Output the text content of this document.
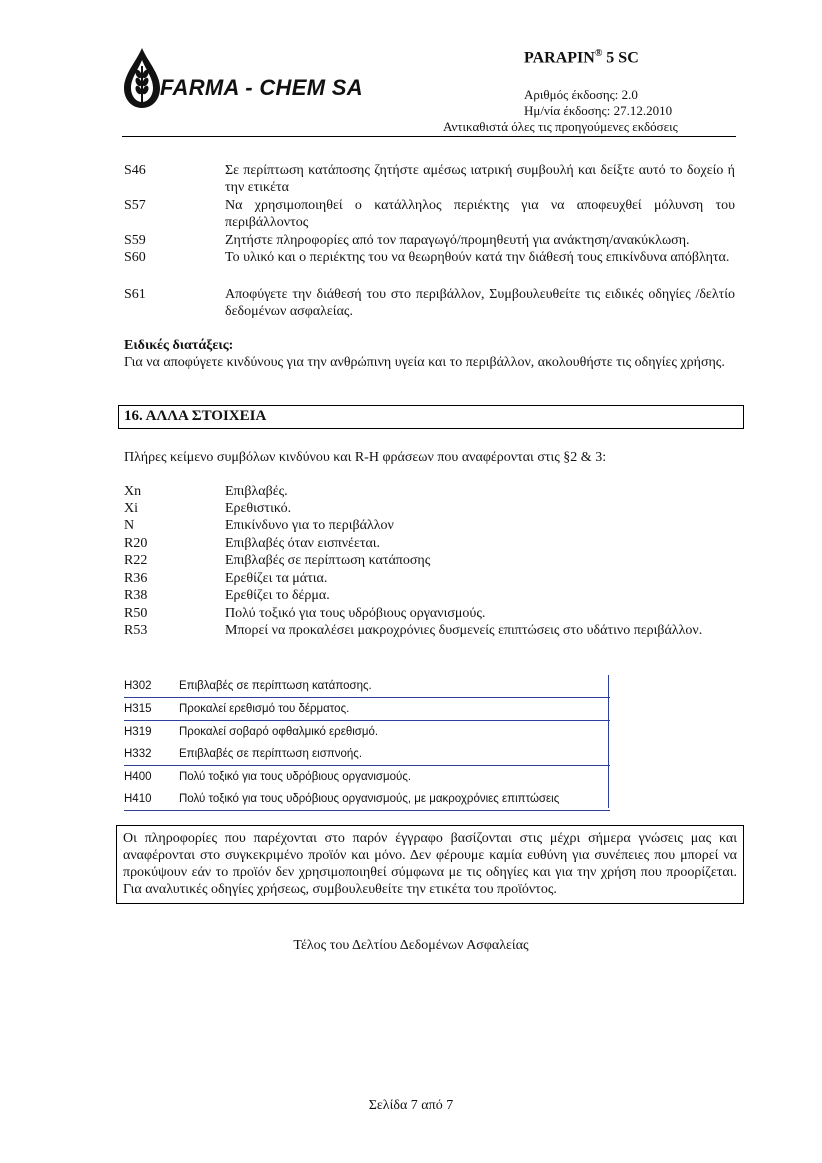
FARMA - CHEM SA
PARAPIN® 5 SC
Αριθμός έκδοσης: 2.0
Ημ/νία έκδοσης: 27.12.2010
Αντικαθιστά όλες τις προηγούμενες εκδόσεις
S46	Σε περίπτωση κατάποσης ζητήστε αμέσως ιατρική συμβουλή και δείξτε αυτό το δοχείο ή την ετικέτα
S57	Να χρησιμοποιηθεί ο κατάλληλος περιέκτης για να αποφευχθεί μόλυνση του περιβάλλοντος
S59	Ζητήστε πληροφορίες από τον παραγωγό/προμηθευτή για ανάκτηση/ανακύκλωση.
S60	Το υλικό και ο περιέκτης του να θεωρηθούν κατά την διάθεσή τους επικίνδυνα απόβλητα.
S61	Αποφύγετε την διάθεσή του στο περιβάλλον, Συμβουλευθείτε τις ειδικές οδηγίες /δελτίο δεδομένων ασφαλείας.
Ειδικές διατάξεις:
Για να αποφύγετε κινδύνους για την ανθρώπινη υγεία και το περιβάλλον, ακολουθήστε τις οδηγίες χρήσης.
16. ΑΛΛΑ ΣΤΟΙΧΕΙΑ
Πλήρες κείμενο συμβόλων κινδύνου και R-H φράσεων που αναφέρονται στις §2 & 3:
Xn	Επιβλαβές.
Xi	Ερεθιστικό.
N	Επικίνδυνο για το περιβάλλον
R20	Επιβλαβές όταν εισπνέεται.
R22	Επιβλαβές σε περίπτωση κατάποσης
R36	Ερεθίζει τα μάτια.
R38	Ερεθίζει το δέρμα.
R50	Πολύ τοξικό για τους υδρόβιους οργανισμούς.
R53	Μπορεί να προκαλέσει μακροχρόνιες δυσμενείς επιπτώσεις στο υδάτινο περιβάλλον.
H302 Επιβλαβές σε περίπτωση κατάποσης.
H315 Προκαλεί ερεθισμό του δέρματος.
H319 Προκαλεί σοβαρό οφθαλμικό ερεθισμό.
H332 Επιβλαβές σε περίπτωση εισπνοής.
H400 Πολύ τοξικό για τους υδρόβιους οργανισμούς.
H410 Πολύ τοξικό για τους υδρόβιους οργανισμούς, με μακροχρόνιες επιπτώσεις
Οι πληροφορίες που παρέχονται στο παρόν έγγραφο βασίζονται στις μέχρι σήμερα γνώσεις μας και αναφέρονται στο συγκεκριμένο προϊόν και μόνο. Δεν φέρουμε καμία ευθύνη για συνέπειες που μπορεί να προκύψουν εάν το προϊόν δεν χρησιμοποιηθεί σύμφωνα με τις οδηγίες και για την χρήση που προορίζεται. Για αναλυτικές οδηγίες χρήσεως, συμβουλευθείτε την ετικέτα του προϊόντος.
Τέλος του Δελτίου Δεδομένων Ασφαλείας
Σελίδα 7 από 7
